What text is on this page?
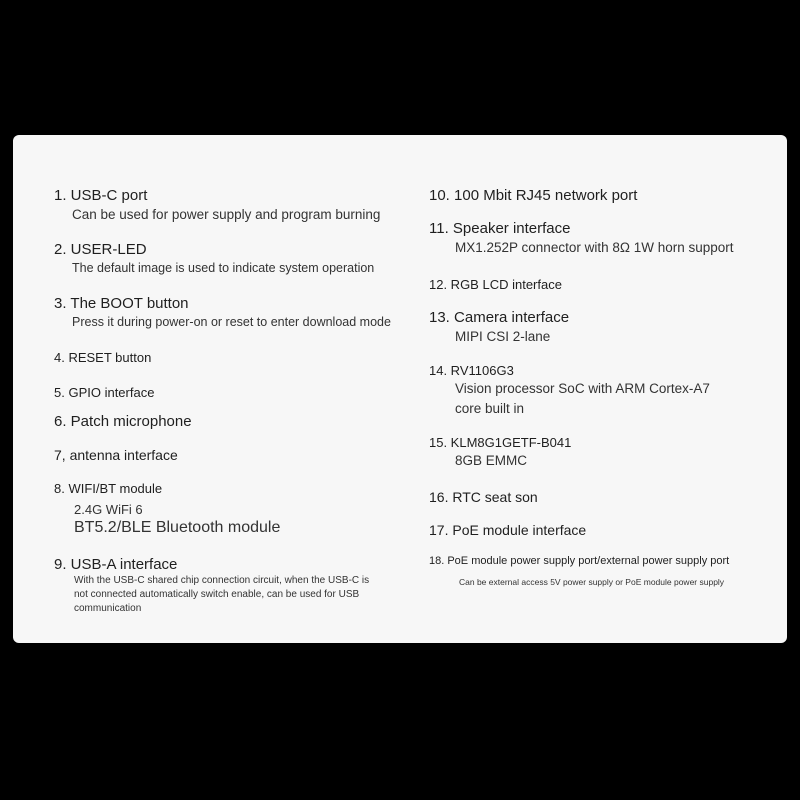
1. USB-C port
Can be used for power supply and program burning
2. USER-LED
The default image is used to indicate system operation
3. The BOOT button
Press it during power-on or reset to enter download mode
4. RESET button
5. GPIO interface
6. Patch microphone
7, antenna interface
8. WIFI/BT module
2.4G WiFi 6
BT5.2/BLE Bluetooth module
9. USB-A interface
With the USB-C shared chip connection circuit, when the USB-C is
not connected automatically switch enable, can be used for USB
communication
10. 100 Mbit RJ45 network port
11. Speaker interface
MX1.252P connector with 8Ω 1W horn support
12. RGB LCD interface
13. Camera interface
MIPI CSI 2-lane
14. RV1106G3
Vision processor SoC with ARM Cortex-A7
core built in
15. KLM8G1GETF-B041
8GB EMMC
16. RTC seat son
17. PoE module interface
18. PoE module power supply port/external power supply port
Can be external access 5V power supply or PoE module power supply
